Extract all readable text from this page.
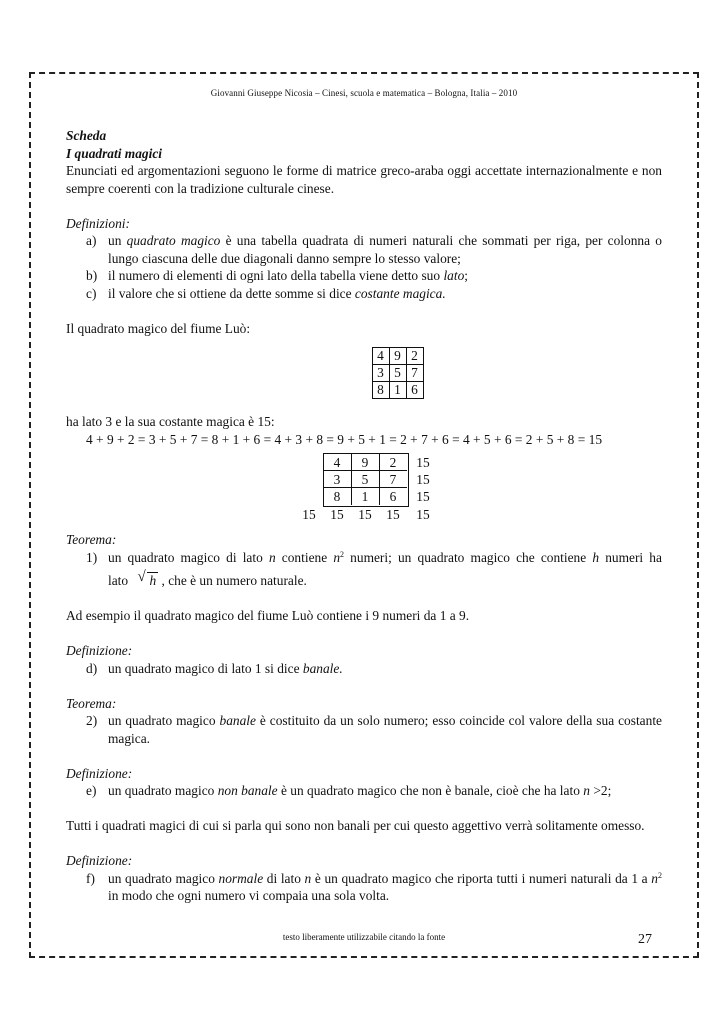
Giovanni Giuseppe Nicosia – Cinesi, scuola e matematica – Bologna, Italia – 2010

Scheda

I quadrati magici

Enunciati ed argomentazioni seguono le forme di matrice greco-araba oggi accettate internazionalmente e non sempre coerenti con la tradizione culturale cinese.

Definizioni:

a) un quadrato magico è una tabella quadrata di numeri naturali che sommati per riga, per colonna o lungo ciascuna delle due diagonali danno sempre lo stesso valore;
b) il numero di elementi di ogni lato della tabella viene detto suo lato;
c) il valore che si ottiene da dette somme si dice costante magica.

Il quadrato magico del fiume Luò:

4	9	2
3	5	7
8	1	6

ha lato 3 e la sua costante magica è 15:

4 + 9 + 2 = 3 + 5 + 7 = 8 + 1 + 6 = 4 + 3 + 8 = 9 + 5 + 1 = 2 + 7 + 6 = 4 + 5 + 6 = 2 + 5 + 8 = 15

4	9	2	15
3	5	7	15
8	1	6	15
15	15	15	15	15

Teorema:

1) un quadrato magico di lato n contiene $n^2$ numeri; un quadrato magico che contiene h numeri ha
lato √ h , che è un numero naturale.

Ad esempio il quadrato magico del fiume Luò contiene i 9 numeri da 1 a 9.

Definizione:

d) un quadrato magico di lato 1 si dice banale.

Teorema:

2) un quadrato magico banale è costituito da un solo numero; esso coincide col valore della sua costante magica.

Definizione:

e) un quadrato magico non banale è un quadrato magico che non è banale, cioè che ha lato n >2;

Tutti i quadrati magici di cui si parla qui sono non banali per cui questo aggettivo verrà solitamente omesso.

Definizione:

f) un quadrato magico normale di lato n è un quadrato magico che riporta tutti i numeri naturali da 1 a $n^2$ in modo che ogni numero vi compaia una sola volta.
testo liberamente utilizzabile citando la fonte	27
